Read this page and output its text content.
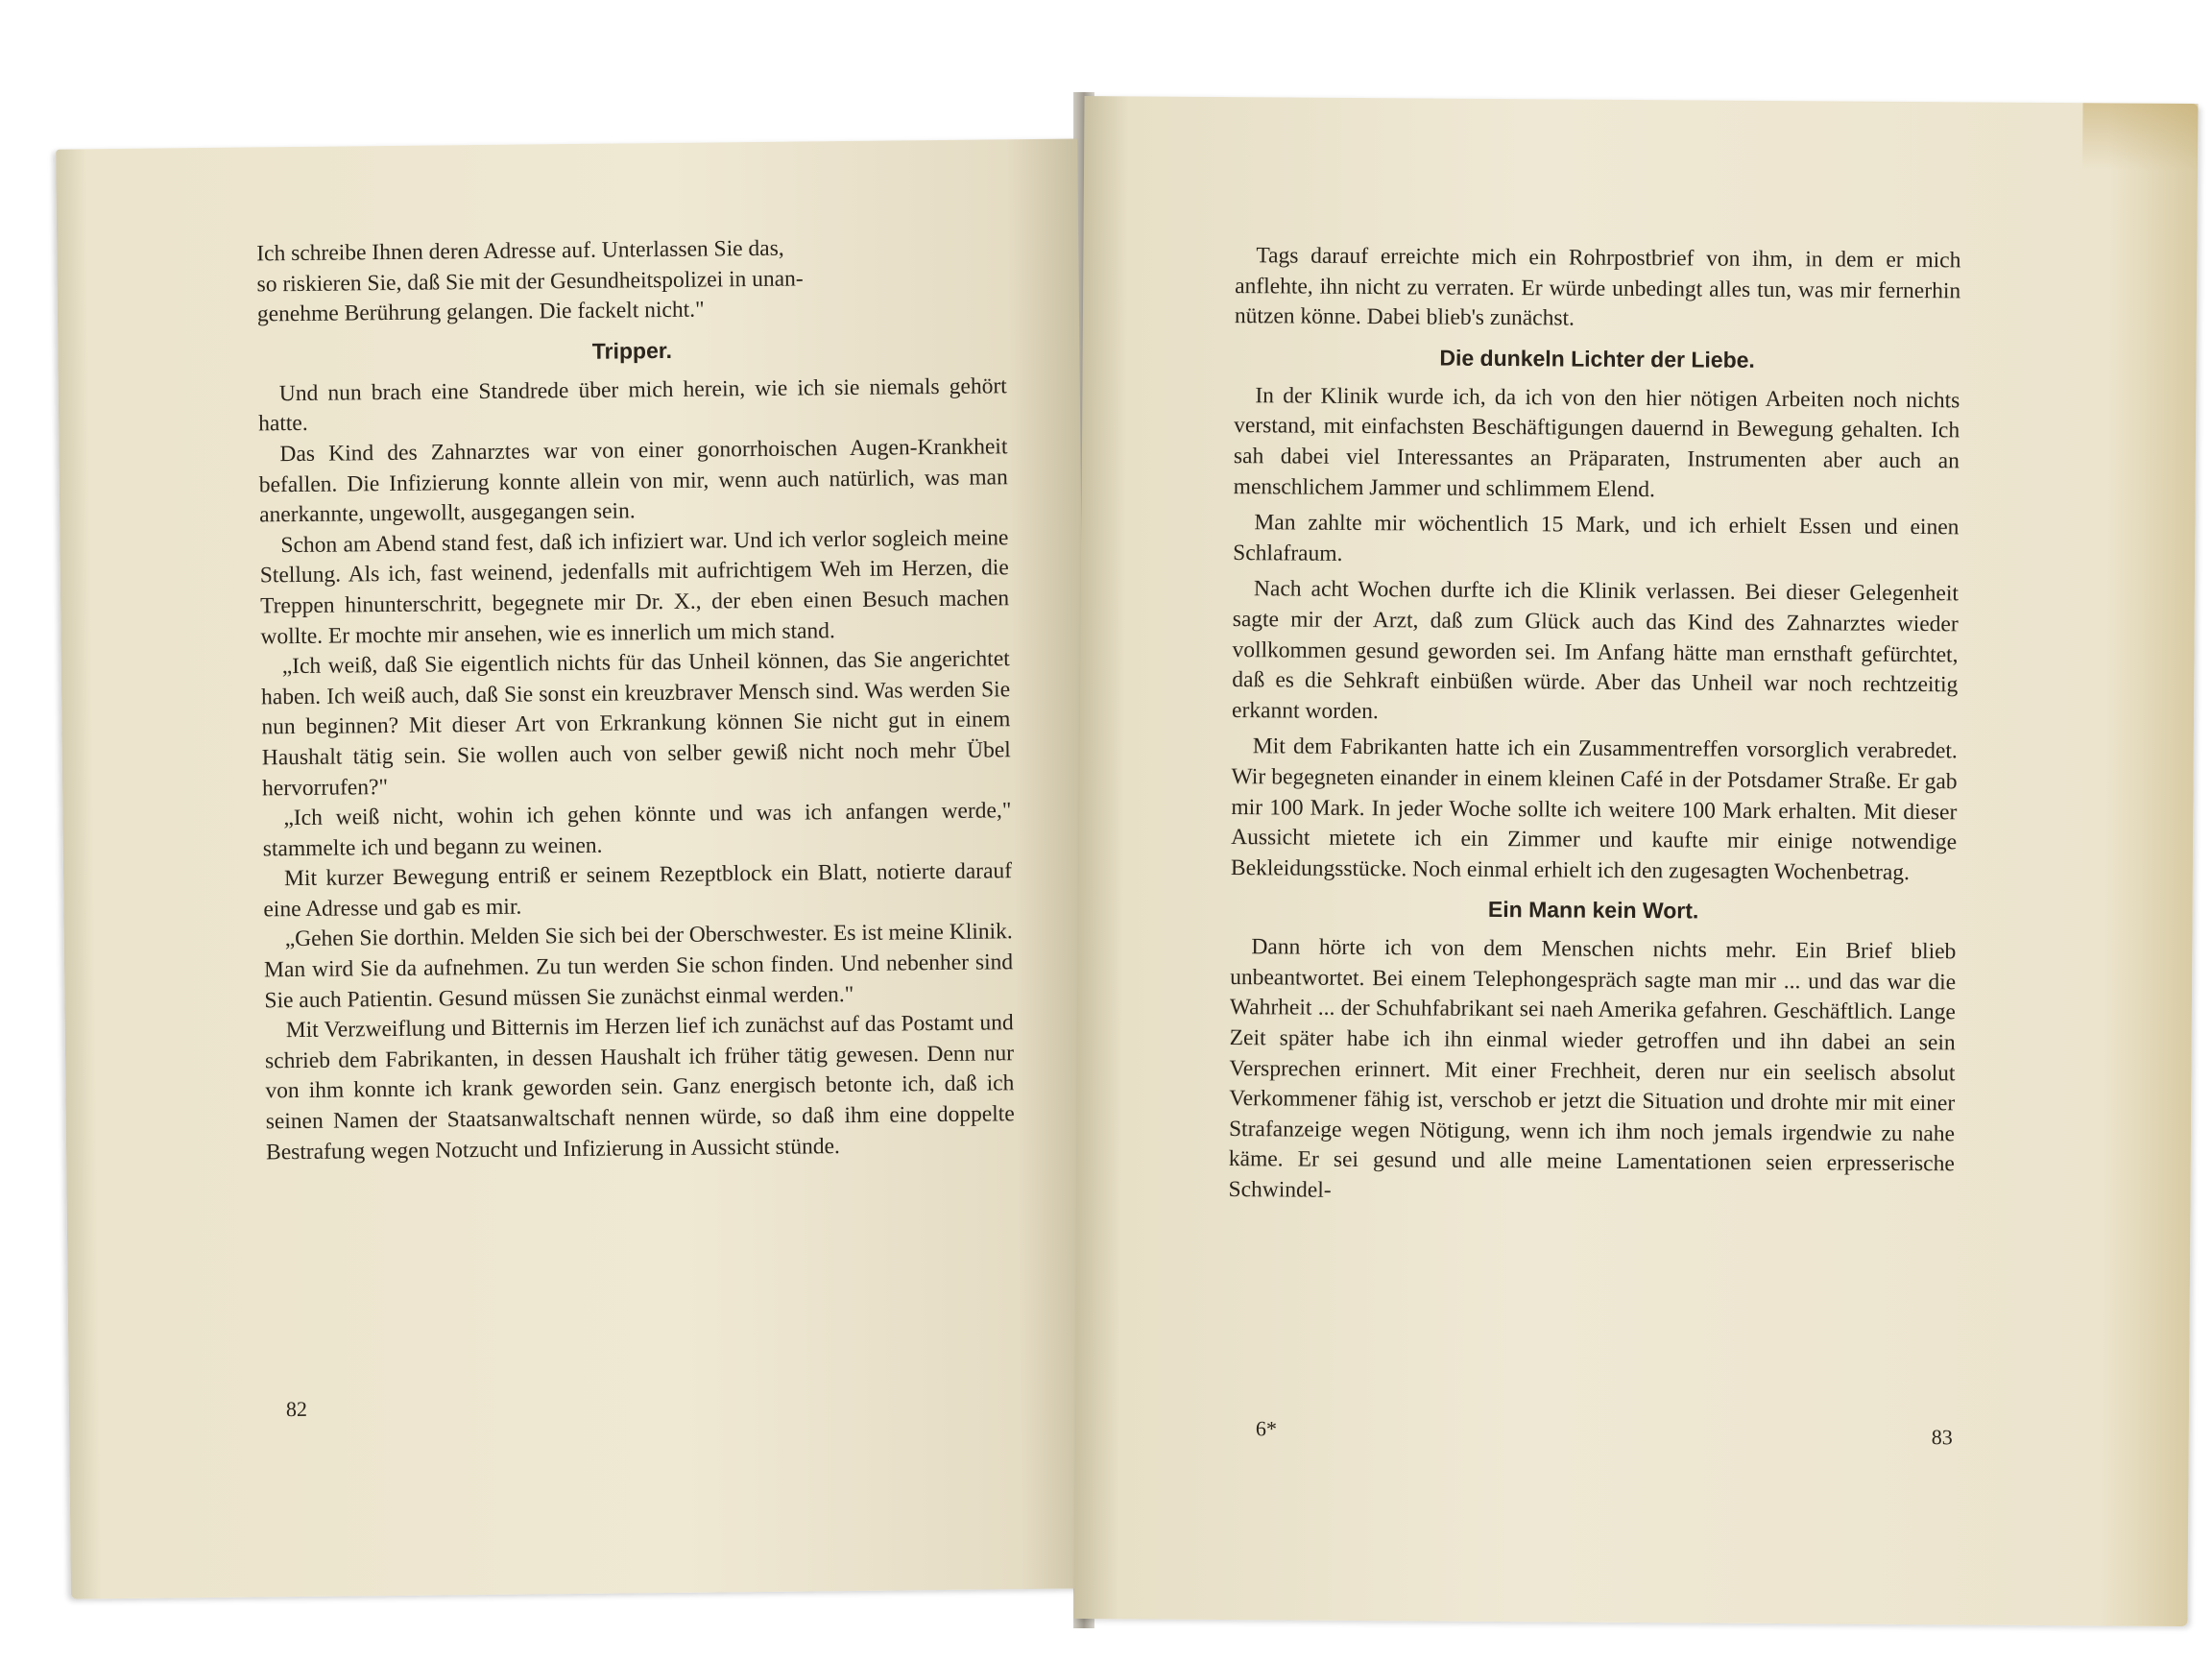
Ich schreibe Ihnen deren Adresse auf. Unterlassen Sie das,

so riskieren Sie, daß Sie mit der Gesundheitspolizei in unan-

genehme Berührung gelangen. Die fackelt nicht."

Tripper.

Und nun brach eine Standrede über mich herein, wie ich sie niemals gehört hatte.

Das Kind des Zahnarztes war von einer gonorrhoischen Augen-Krankheit befallen. Die Infizierung konnte allein von mir, wenn auch natürlich, was man anerkannte, ungewollt, ausgegangen sein.

Schon am Abend stand fest, daß ich infiziert war. Und ich verlor sogleich meine Stellung. Als ich, fast weinend, jedenfalls mit aufrichtigem Weh im Herzen, die Treppen hinunterschritt, begegnete mir Dr. X., der eben einen Besuch machen wollte. Er mochte mir ansehen, wie es innerlich um mich stand.

„Ich weiß, daß Sie eigentlich nichts für das Unheil können, das Sie angerichtet haben. Ich weiß auch, daß Sie sonst ein kreuzbraver Mensch sind. Was werden Sie nun beginnen? Mit dieser Art von Erkrankung können Sie nicht gut in einem Haushalt tätig sein. Sie wollen auch von selber gewiß nicht noch mehr Übel hervorrufen?"

„Ich weiß nicht, wohin ich gehen könnte und was ich anfangen werde," stammelte ich und begann zu weinen.

Mit kurzer Bewegung entriß er seinem Rezeptblock ein Blatt, notierte darauf eine Adresse und gab es mir.

„Gehen Sie dorthin. Melden Sie sich bei der Oberschwester. Es ist meine Klinik. Man wird Sie da aufnehmen. Zu tun werden Sie schon finden. Und nebenher sind Sie auch Patientin. Gesund müssen Sie zunächst einmal werden."

Mit Verzweiflung und Bitternis im Herzen lief ich zunächst auf das Postamt und schrieb dem Fabrikanten, in dessen Haushalt ich früher tätig gewesen. Denn nur von ihm konnte ich krank geworden sein. Ganz energisch betonte ich, daß ich seinen Namen der Staatsanwaltschaft nennen würde, so daß ihm eine doppelte Bestrafung wegen Notzucht und Infizierung in Aussicht stünde.

82

Tags darauf erreichte mich ein Rohrpostbrief von ihm, in dem er mich anflehte, ihn nicht zu verraten. Er würde unbedingt alles tun, was mir fernerhin nützen könne. Dabei blieb's zunächst.

Die dunkeln Lichter der Liebe.

In der Klinik wurde ich, da ich von den hier nötigen Arbeiten noch nichts verstand, mit einfachsten Beschäftigungen dauernd in Bewegung gehalten. Ich sah dabei viel Interessantes an Präparaten, Instrumenten aber auch an menschlichem Jammer und schlimmem Elend.

Man zahlte mir wöchentlich 15 Mark, und ich erhielt Essen und einen Schlafraum.

Nach acht Wochen durfte ich die Klinik verlassen. Bei dieser Gelegenheit sagte mir der Arzt, daß zum Glück auch das Kind des Zahnarztes wieder vollkommen gesund geworden sei. Im Anfang hätte man ernsthaft gefürchtet, daß es die Sehkraft einbüßen würde. Aber das Unheil war noch rechtzeitig erkannt worden.

Mit dem Fabrikanten hatte ich ein Zusammentreffen vorsorglich verabredet. Wir begegneten einander in einem kleinen Café in der Potsdamer Straße. Er gab mir 100 Mark. In jeder Woche sollte ich weitere 100 Mark erhalten. Mit dieser Aussicht mietete ich ein Zimmer und kaufte mir einige notwendige Bekleidungsstücke. Noch einmal erhielt ich den zugesagten Wochenbetrag.

Ein Mann kein Wort.

Dann hörte ich von dem Menschen nichts mehr. Ein Brief blieb unbeantwortet. Bei einem Telephongespräch sagte man mir ... und das war die Wahrheit ... der Schuhfabrikant sei naeh Amerika gefahren. Geschäftlich. Lange Zeit später habe ich ihn einmal wieder getroffen und ihn dabei an sein Versprechen erinnert. Mit einer Frechheit, deren nur ein seelisch absolut Verkommener fähig ist, verschob er jetzt die Situation und drohte mir mit einer Strafanzeige wegen Nötigung, wenn ich ihm noch jemals irgendwie zu nahe käme. Er sei gesund und alle meine Lamentationen seien erpresserische Schwindel-

6*	83
